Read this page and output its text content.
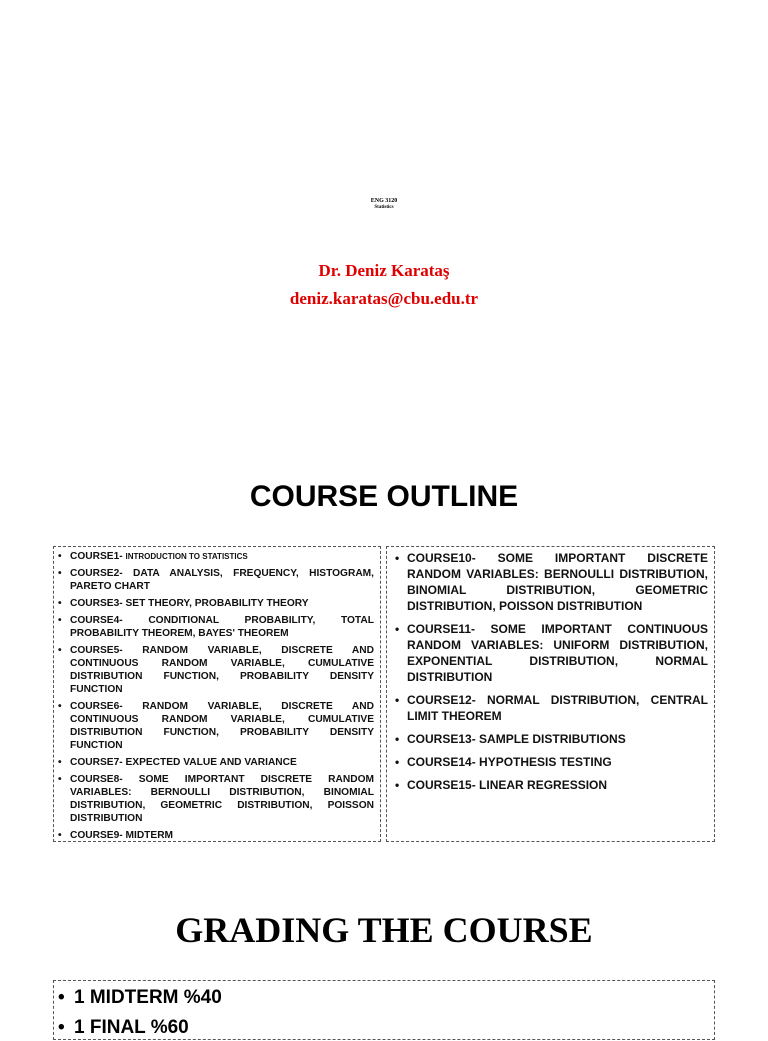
ENG 3120
Statistics
Dr. Deniz Karataş
deniz.karatas@cbu.edu.tr
COURSE OUTLINE
• COURSE1- INTRODUCTION TO STATISTICS
• COURSE2- DATA ANALYSIS, FREQUENCY, HISTOGRAM, PARETO CHART
• COURSE3- SET THEORY, PROBABILITY THEORY
• COURSE4-	CONDITIONAL PROBABILITY, TOTAL PROBABILITY THEOREM, BAYES' THEOREM
• COURSE5- RANDOM VARIABLE, DISCRETE AND CONTINUOUS RANDOM VARIABLE, CUMULATIVE DISTRIBUTION FUNCTION, PROBABILITY DENSITY FUNCTION
• COURSE6- RANDOM VARIABLE, DISCRETE AND CONTINUOUS RANDOM VARIABLE, CUMULATIVE DISTRIBUTION FUNCTION, PROBABILITY DENSITY FUNCTION
• COURSE7- EXPECTED VALUE AND VARIANCE
• COURSE8- SOME IMPORTANT DISCRETE RANDOM VARIABLES: BERNOULLI DISTRIBUTION, BINOMIAL DISTRIBUTION, GEOMETRIC DISTRIBUTION, POISSON DISTRIBUTION
• COURSE9- MIDTERM
• COURSE10- SOME IMPORTANT DISCRETE RANDOM VARIABLES: BERNOULLI DISTRIBUTION, BINOMIAL DISTRIBUTION, GEOMETRIC DISTRIBUTION, POISSON DISTRIBUTION
• COURSE11- SOME IMPORTANT CONTINUOUS RANDOM VARIABLES: UNIFORM DISTRIBUTION, EXPONENTIAL DISTRIBUTION, NORMAL DISTRIBUTION
• COURSE12- NORMAL DISTRIBUTION, CENTRAL LIMIT THEOREM
• COURSE13- SAMPLE DISTRIBUTIONS
• COURSE14- HYPOTHESIS TESTING
• COURSE15- LINEAR REGRESSION
GRADING THE COURSE
• 1 MIDTERM %40
• 1 FINAL %60
